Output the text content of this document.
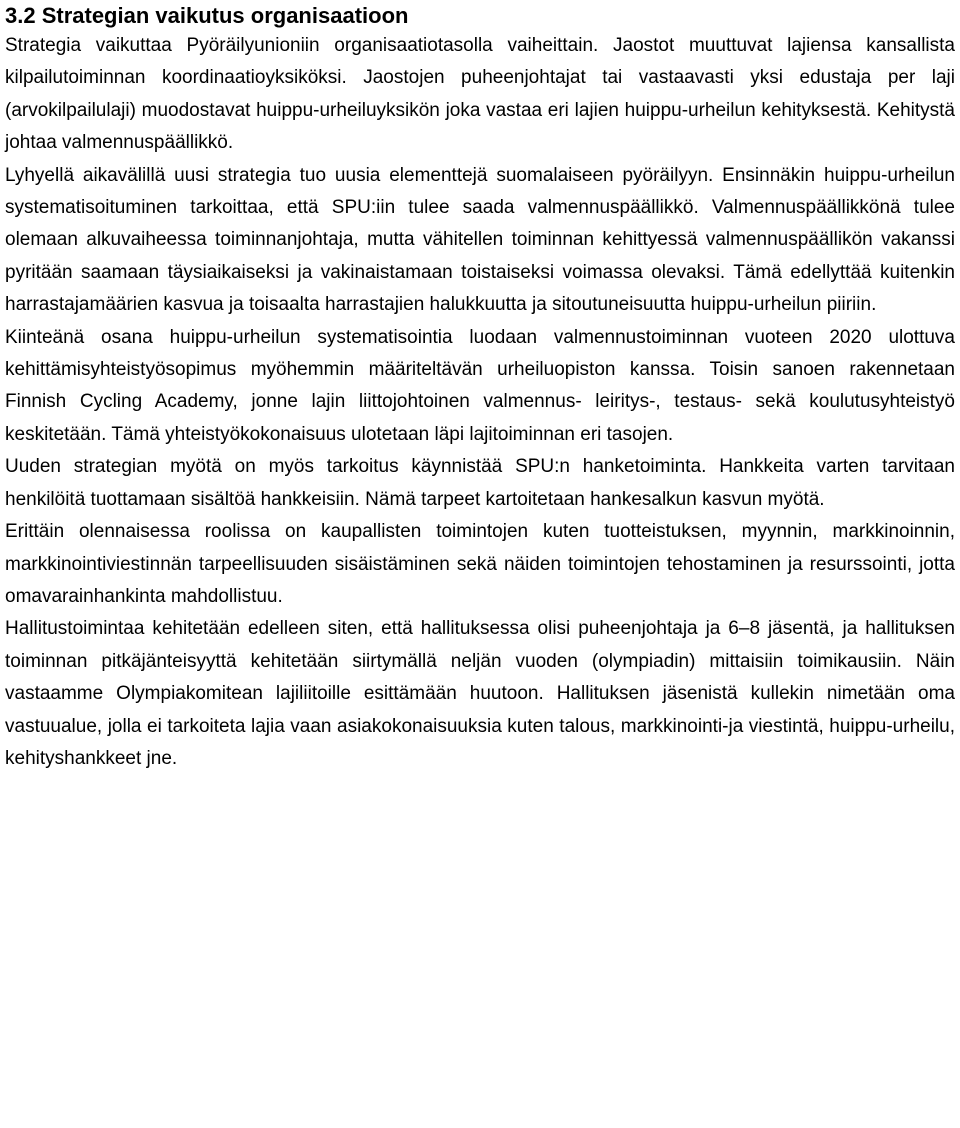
3.2 Strategian vaikutus organisaatioon

Strategia vaikuttaa Pyöräilyunioniin organisaatiotasolla vaiheittain. Jaostot muuttuvat lajiensa kansallista kilpailutoiminnan koordinaatioyksiköksi. Jaostojen puheenjohtajat tai vastaavasti yksi edustaja per laji (arvokilpailulaji) muodostavat huippu-urheiluyksikön joka vastaa eri lajien huippu-urheilun kehityksestä. Kehitystä johtaa valmennuspäällikkö.

Lyhyellä aikavälillä uusi strategia tuo uusia elementtejä suomalaiseen pyöräilyyn. Ensinnäkin huippu-urheilun systematisoituminen tarkoittaa, että SPU:iin tulee saada valmennuspäällikkö. Valmennuspäällikkönä tulee olemaan alkuvaiheessa toiminnanjohtaja, mutta vähitellen toiminnan kehittyessä valmennuspäällikön vakanssi pyritään saamaan täysiaikaiseksi ja vakinaistamaan toistaiseksi voimassa olevaksi. Tämä edellyttää kuitenkin harrastajamäärien kasvua ja toisaalta harrastajien halukkuutta ja sitoutuneisuutta huippu-urheilun piiriin.

Kiinteänä osana huippu-urheilun systematisointia luodaan valmennustoiminnan vuoteen 2020 ulottuva kehittämisyhteistyösopimus myöhemmin määriteltävän urheiluopiston kanssa. Toisin sanoen rakennetaan Finnish Cycling Academy, jonne lajin liittojohtoinen valmennus- leiritys-, testaus- sekä koulutusyhteistyö keskitetään. Tämä yhteistyökokonaisuus ulotetaan läpi lajitoiminnan eri tasojen.

Uuden strategian myötä on myös tarkoitus käynnistää SPU:n hanketoiminta. Hankkeita varten tarvitaan henkilöitä tuottamaan sisältöä hankkeisiin. Nämä tarpeet kartoitetaan hankesalkun kasvun myötä.

Erittäin olennaisessa roolissa on kaupallisten toimintojen kuten tuotteistuksen, myynnin, markkinoinnin, markkinointiviestinnän tarpeellisuuden sisäistäminen sekä näiden toimintojen tehostaminen ja resurssointi, jotta omavarainhankinta mahdollistuu.

Hallitustoimintaa kehitetään edelleen siten, että hallituksessa olisi puheenjohtaja ja 6–8 jäsentä, ja hallituksen toiminnan pitkäjänteisyyttä kehitetään siirtymällä neljän vuoden (olympiadin) mittaisiin toimikausiin. Näin vastaamme Olympiakomitean lajiliitoille esittämään huutoon. Hallituksen jäsenistä kullekin nimetään oma vastuualue, jolla ei tarkoiteta lajia vaan asiakokonaisuuksia kuten talous, markkinointi-ja viestintä, huippu-urheilu, kehityshankkeet jne.
